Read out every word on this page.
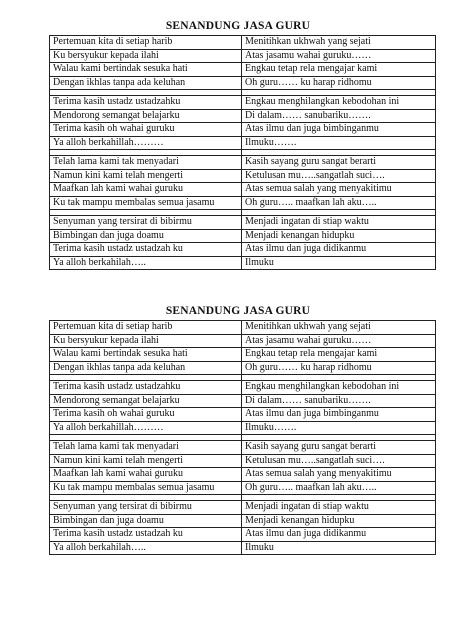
SENANDUNG JASA GURU
Pertemuan kita di setiap harib	Menitihkan ukhwah yang sejati
Ku bersyukur kepada ilahi	Atas jasamu wahai guruku……
Walau kami bertindak sesuka hati	Engkau tetap rela mengajar kami
Dengan ikhlas tanpa ada keluhan	Oh guru…… ku harap ridhomu

Terima kasih ustadz ustadzahku	Engkau menghilangkan kebodohan ini
Mendorong semangat belajarku	Di dalam…… sanubariku…….
Terima kasih oh wahai guruku	Atas ilmu dan juga bimbinganmu
Ya alloh berkahillah………	Ilmuku…….

Telah lama kami tak menyadari	Kasih sayang guru sangat berarti
Namun kini kami telah mengerti	Ketulusan mu…..sangatlah suci….
Maafkan lah kami wahai guruku	Atas semua salah yang menyakitimu
Ku tak mampu membalas semua jasamu	Oh guru….. maafkan lah aku…..

Senyuman yang tersirat di bibirmu	Menjadi ingatan di stiap waktu
Bimbingan dan juga doamu	Menjadi kenangan hidupku
Terima kasih ustadz ustadzah ku	Atas ilmu dan juga didikanmu
Ya alloh berkahilah…..	Ilmuku
SENANDUNG JASA GURU
Pertemuan kita di setiap harib	Menitihkan ukhwah yang sejati
Ku bersyukur kepada ilahi	Atas jasamu wahai guruku……
Walau kami bertindak sesuka hati	Engkau tetap rela mengajar kami
Dengan ikhlas tanpa ada keluhan	Oh guru…… ku harap ridhomu

Terima kasih ustadz ustadzahku	Engkau menghilangkan kebodohan ini
Mendorong semangat belajarku	Di dalam…… sanubariku…….
Terima kasih oh wahai guruku	Atas ilmu dan juga bimbinganmu
Ya alloh berkahillah………	Ilmuku…….

Telah lama kami tak menyadari	Kasih sayang guru sangat berarti
Namun kini kami telah mengerti	Ketulusan mu…..sangatlah suci….
Maafkan lah kami wahai guruku	Atas semua salah yang menyakitimu
Ku tak mampu membalas semua jasamu	Oh guru….. maafkan lah aku…..

Senyuman yang tersirat di bibirmu	Menjadi ingatan di stiap waktu
Bimbingan dan juga doamu	Menjadi kenangan hidupku
Terima kasih ustadz ustadzah ku	Atas ilmu dan juga didikanmu
Ya alloh berkahilah…..	Ilmuku
